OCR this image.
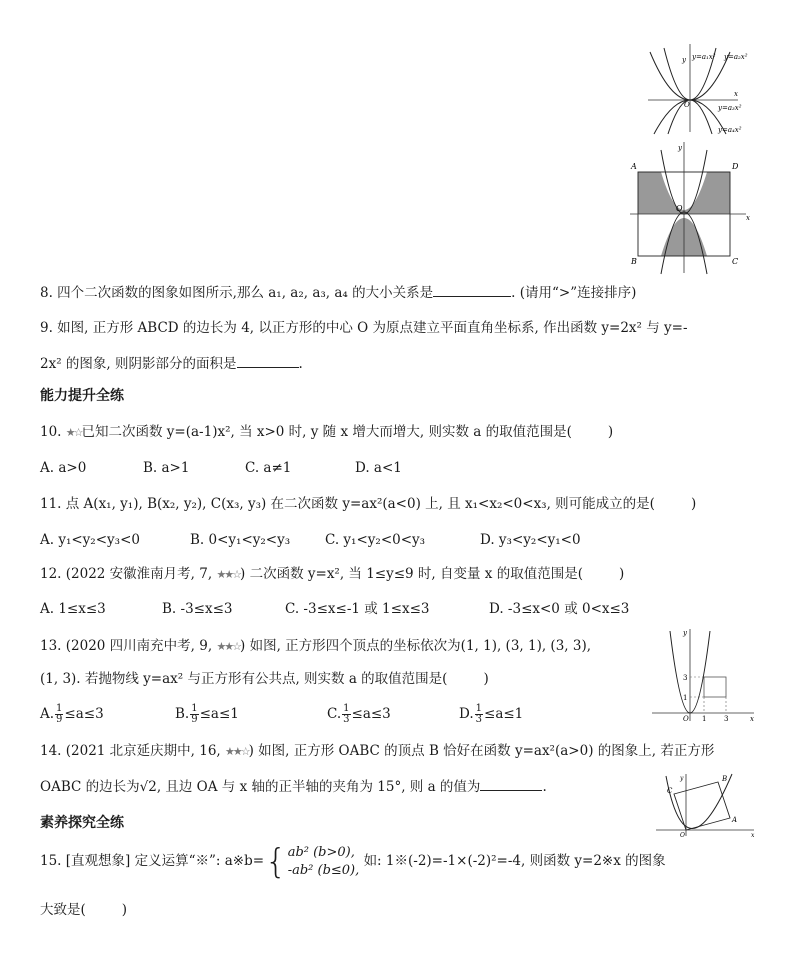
y=a₁x² y=a₂x²
y=a₃x²
y=a₄x²
x
y
O
A	D
B	C
x
y
O
8. 四个二次函数的图象如图所示,那么 a₁, a₂, a₃, a₄ 的大小关系是	. (请用“>”连接排序)
9. 如图, 正方形 ABCD 的边长为 4, 以正方形的中心 O 为原点建立平面直角坐标系, 作出函数 y=2x² 与 y=-
2x² 的图象, 则阴影部分的面积是	.
能力提升全练
10. ★☆已知二次函数 y=(a-1)x², 当 x>0 时, y 随 x 增大而增大, 则实数 a 的取值范围是(	)
A. a>0	B. a>1	C. a≠1	D. a<1
11. 点 A(x₁, y₁), B(x₂, y₂), C(x₃, y₃) 在二次函数 y=ax²(a<0) 上, 且 x₁<x₂<0<x₃, 则可能成立的是(	)
A. y₁<y₂<y₃<0	B. 0<y₁<y₂<y₃	C. y₁<y₂<0<y₃	D. y₃<y₂<y₁<0
12. (2022 安徽淮南月考, 7, ★★☆) 二次函数 y=x², 当 1≤y≤9 时, 自变量 x 的取值范围是(	)
A. 1≤x≤3	B. -3≤x≤3	C. -3≤x≤-1 或 1≤x≤3	D. -3≤x<0 或 0<x≤3
13. (2020 四川南充中考, 9, ★★☆) 如图, 正方形四个顶点的坐标依次为(1, 1), (3, 1), (3, 3),
(1, 3). 若抛物线 y=ax² 与正方形有公共点, 则实数 a 的取值范围是(	)
A. $\frac{1}{9} \le a\le 3$	B. $\frac{1}{9} \le a\le 1$	C. $\frac{1}{3} \le a\le 3$	D. $\frac{1}{3} \le a\le 1$	x
y
O 1	3
1
3
14. (2021 北京延庆期中, 16, ★★☆) 如图, 正方形 OABC 的顶点 B 恰好在函数 y=ax²(a>0) 的图象上, 若正方形
OABC 的边长为√2, 且边 OA 与 x 轴的正半轴的夹角为 15°, 则 a 的值为	.
A
B
C
x
y
O
素养探究全练
15. [直观想象] 定义运算“※”: a※b={ ab² (b>0),
-ab² (b≤0),
如: 1※(-2)=-1×(-2)²=-4, 则函数 y=2※x 的图象
大致是(	)
